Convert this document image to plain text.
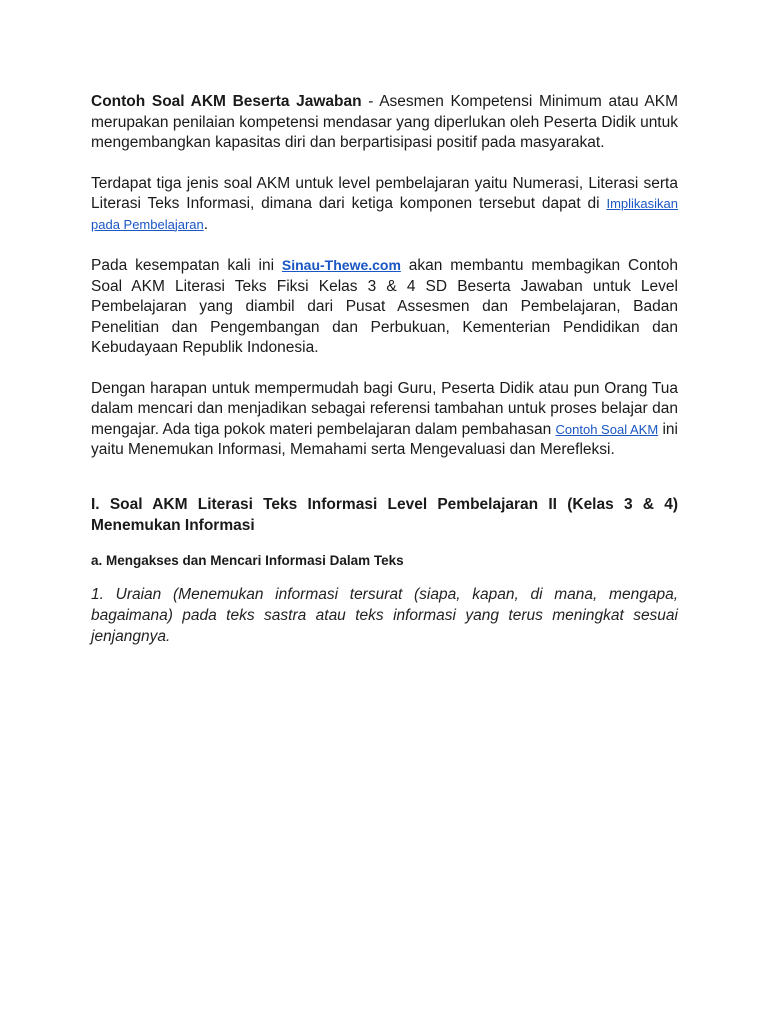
Contoh Soal AKM Beserta Jawaban - Asesmen Kompetensi Minimum atau AKM merupakan penilaian kompetensi mendasar yang diperlukan oleh Peserta Didik untuk mengembangkan kapasitas diri dan berpartisipasi positif pada masyarakat.

Terdapat tiga jenis soal AKM untuk level pembelajaran yaitu Numerasi, Literasi serta Literasi Teks Informasi, dimana dari ketiga komponen tersebut dapat di Implikasikan pada Pembelajaran.

Pada kesempatan kali ini Sinau-Thewe.com akan membantu membagikan Contoh Soal AKM Literasi Teks Fiksi Kelas 3 & 4 SD Beserta Jawaban untuk Level Pembelajaran yang diambil dari Pusat Assesmen dan Pembelajaran, Badan Penelitian dan Pengembangan dan Perbukuan, Kementerian Pendidikan dan Kebudayaan Republik Indonesia.

Dengan harapan untuk mempermudah bagi Guru, Peserta Didik atau pun Orang Tua dalam mencari dan menjadikan sebagai referensi tambahan untuk proses belajar dan mengajar. Ada tiga pokok materi pembelajaran dalam pembahasan Contoh Soal AKM ini yaitu Menemukan Informasi, Memahami serta Mengevaluasi dan Merefleksi.

I. Soal AKM Literasi Teks Informasi Level Pembelajaran II (Kelas 3 & 4) Menemukan Informasi
a. Mengakses dan Mencari Informasi Dalam Teks

1. Uraian (Menemukan informasi tersurat (siapa, kapan, di mana, mengapa, bagaimana) pada teks sastra atau teks informasi yang terus meningkat sesuai jenjangnya.
